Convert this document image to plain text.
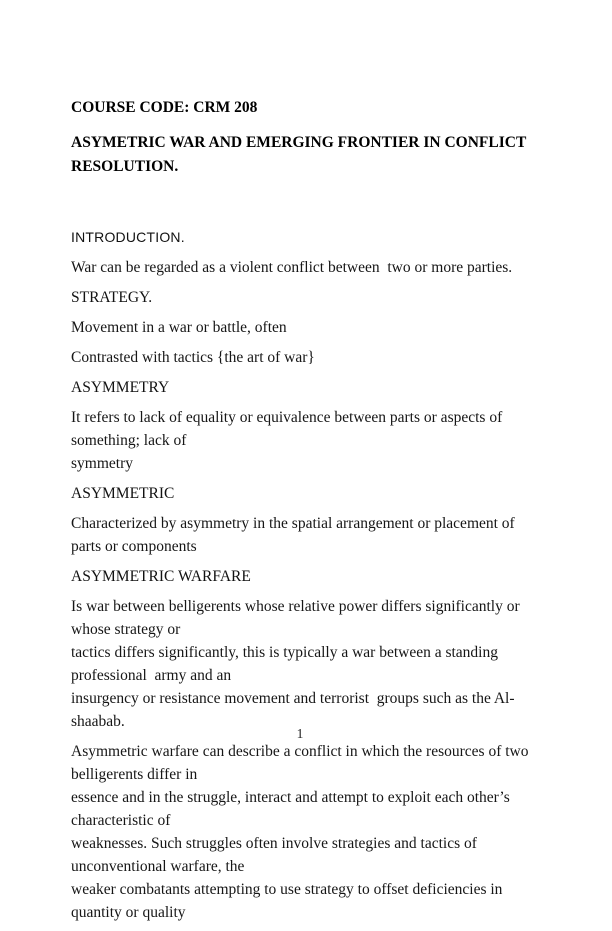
COURSE CODE: CRM 208

ASYMETRIC WAR AND EMERGING FRONTIER IN CONFLICT
RESOLUTION.

INTRODUCTION.

War can be regarded as a violent conflict between  two or more parties.

STRATEGY.

Movement in a war or battle, often

Contrasted with tactics {the art of war}

ASYMMETRY

It refers to lack of equality or equivalence between parts or aspects of something; lack of
symmetry

ASYMMETRIC

Characterized by asymmetry in the spatial arrangement or placement of parts or components

ASYMMETRIC WARFARE

Is war between belligerents whose relative power differs significantly or whose strategy or
tactics differs significantly, this is typically a war between a standing professional  army and an
insurgency or resistance movement and terrorist  groups such as the Al-shaabab.

Asymmetric warfare can describe a conflict in which the resources of two belligerents differ in
essence and in the struggle, interact and attempt to exploit each other’s characteristic of
weaknesses. Such struggles often involve strategies and tactics of unconventional warfare, the
weaker combatants attempting to use strategy to offset deficiencies in quantity or quality

1
